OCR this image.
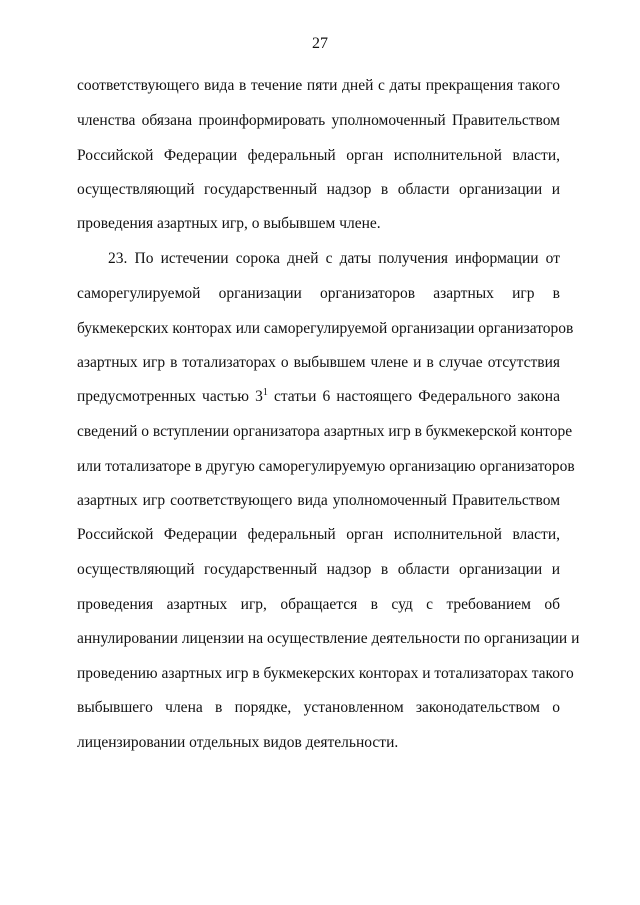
27
соответствующего вида в течение пяти дней с даты прекращения такого
членства обязана проинформировать уполномоченный Правительством
Российской Федерации федеральный орган исполнительной власти,
осуществляющий государственный надзор в области организации и
проведения азартных игр, о выбывшем члене.
23. По истечении сорока дней с даты получения информации от
саморегулируемой организации организаторов азартных игр в
букмекерских конторах или саморегулируемой организации организаторов
азартных игр в тотализаторах о выбывшем члене и в случае отсутствия
предусмотренных частью $3^1$ статьи 6 настоящего Федерального закона
сведений о вступлении организатора азартных игр в букмекерской конторе
или тотализаторе в другую саморегулируемую организацию организаторов
азартных игр соответствующего вида уполномоченный Правительством
Российской Федерации федеральный орган исполнительной власти,
осуществляющий государственный надзор в области организации и
проведения азартных игр, обращается в суд с требованием об
аннулировании лицензии на осуществление деятельности по организации и
проведению азартных игр в букмекерских конторах и тотализаторах такого
выбывшего члена в порядке, установленном законодательством о
лицензировании отдельных видов деятельности.
